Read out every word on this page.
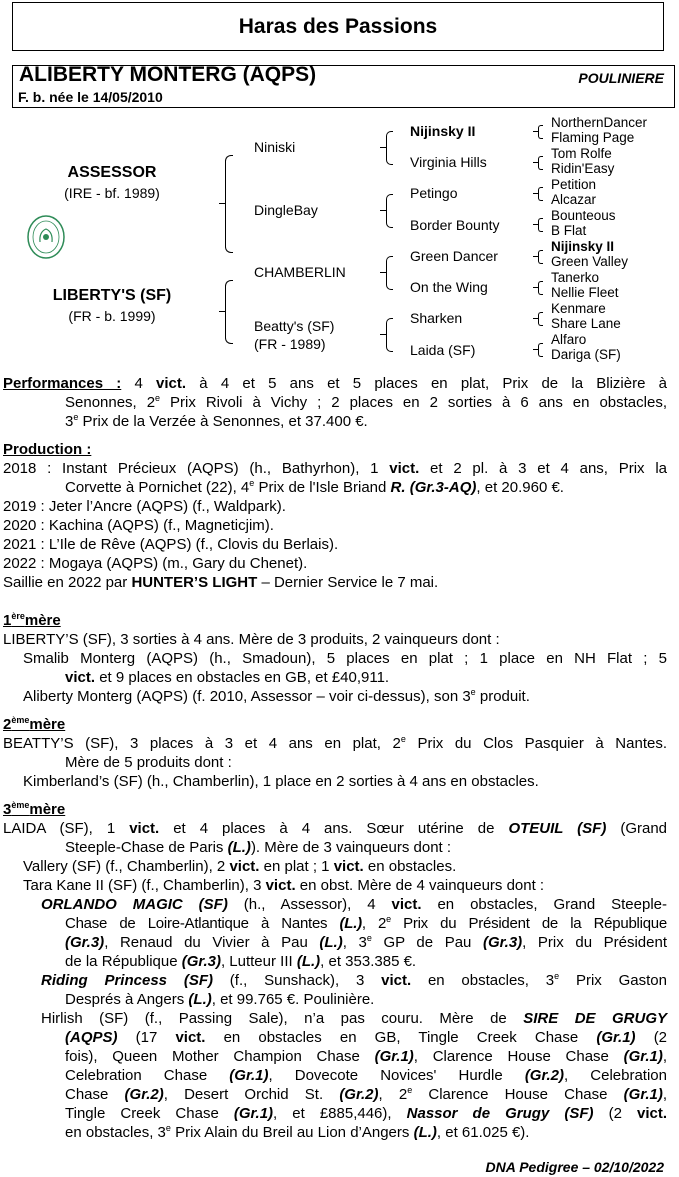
Haras des Passions
ALIBERTY MONTERG (AQPS)	POULINIERE
F. b. née le 14/05/2010
ASSESSOR
(IRE - bf. 1989)
LIBERTY'S (SF)
(FR - b. 1999)
Niniski
DingleBay
CHAMBERLIN
Beatty's (SF)
(FR - 1989)
Nijinsky II
Virginia Hills
Petingo
Border Bounty
Green Dancer
On the Wing
Sharken
Laida (SF)
NorthernDancer
Flaming Page
Tom Rolfe
Ridin'Easy
Petition
Alcazar
Bounteous
B Flat
Nijinsky II
Green Valley
Tanerko
Nellie Fleet
Kenmare
Share Lane
Alfaro
Dariga (SF)
Performances : 4 vict. à 4 et 5 ans et 5 places en plat, Prix de la Blizière à
Senonnes, 2e Prix Rivoli à Vichy ; 2 places en 2 sorties à 6 ans en obstacles,
3e Prix de la Verzée à Senonnes, et 37.400 €.
Production :
2018 : Instant Précieux (AQPS) (h., Bathyrhon), 1 vict. et 2 pl. à 3 et 4 ans, Prix la
Corvette à Pornichet (22), 4e Prix de l'Isle Briand R. (Gr.3-AQ), et 20.960 €.
2019 : Jeter l’Ancre (AQPS) (f., Waldpark).
2020 : Kachina (AQPS) (f., Magneticjim).
2021 : L’Ile de Rêve (AQPS) (f., Clovis du Berlais).
2022 : Mogaya (AQPS) (m., Gary du Chenet).
Saillie en 2022 par HUNTER’S LIGHT – Dernier Service le 7 mai.
1èremère
LIBERTY’S (SF), 3 sorties à 4 ans. Mère de 3 produits, 2 vainqueurs dont :
Smalib Monterg (AQPS) (h., Smadoun), 5 places en plat ; 1 place en NH Flat ; 5
vict. et 9 places en obstacles en GB, et £40,911.
Aliberty Monterg (AQPS) (f. 2010, Assessor – voir ci-dessus), son 3e produit.
2èmemère
BEATTY’S (SF), 3 places à 3 et 4 ans en plat, 2e Prix du Clos Pasquier à Nantes.
Mère de 5 produits dont :
Kimberland’s (SF) (h., Chamberlin), 1 place en 2 sorties à 4 ans en obstacles.
3èmemère
LAIDA (SF), 1 vict. et 4 places à 4 ans. Sœur utérine de OTEUIL (SF) (Grand
Steeple-Chase de Paris (L.)). Mère de 3 vainqueurs dont :
Vallery (SF) (f., Chamberlin), 2 vict. en plat ; 1 vict. en obstacles.
Tara Kane II (SF) (f., Chamberlin), 3 vict. en obst. Mère de 4 vainqueurs dont :
ORLANDO MAGIC (SF) (h., Assessor), 4 vict. en obstacles, Grand Steeple-
Chase de Loire-Atlantique à Nantes (L.), 2e Prix du Président de la République
(Gr.3), Renaud du Vivier à Pau (L.), 3e GP de Pau (Gr.3), Prix du Président
de la République (Gr.3), Lutteur III (L.), et 353.385 €.
Riding Princess (SF) (f., Sunshack), 3 vict. en obstacles, 3e Prix Gaston
Després à Angers (L.), et 99.765 €. Poulinière.
Hirlish (SF) (f., Passing Sale), n’a pas couru. Mère de SIRE DE GRUGY
(AQPS) (17 vict. en obstacles en GB, Tingle Creek Chase (Gr.1) (2
fois), Queen Mother Champion Chase (Gr.1), Clarence House Chase (Gr.1),
Celebration Chase (Gr.1), Dovecote Novices' Hurdle (Gr.2), Celebration
Chase (Gr.2), Desert Orchid St. (Gr.2), 2e Clarence House Chase (Gr.1),
Tingle Creek Chase (Gr.1), et £885,446), Nassor de Grugy (SF) (2 vict.
en obstacles, 3e Prix Alain du Breil au Lion d’Angers (L.), et 61.025 €).
DNA Pedigree – 02/10/2022
